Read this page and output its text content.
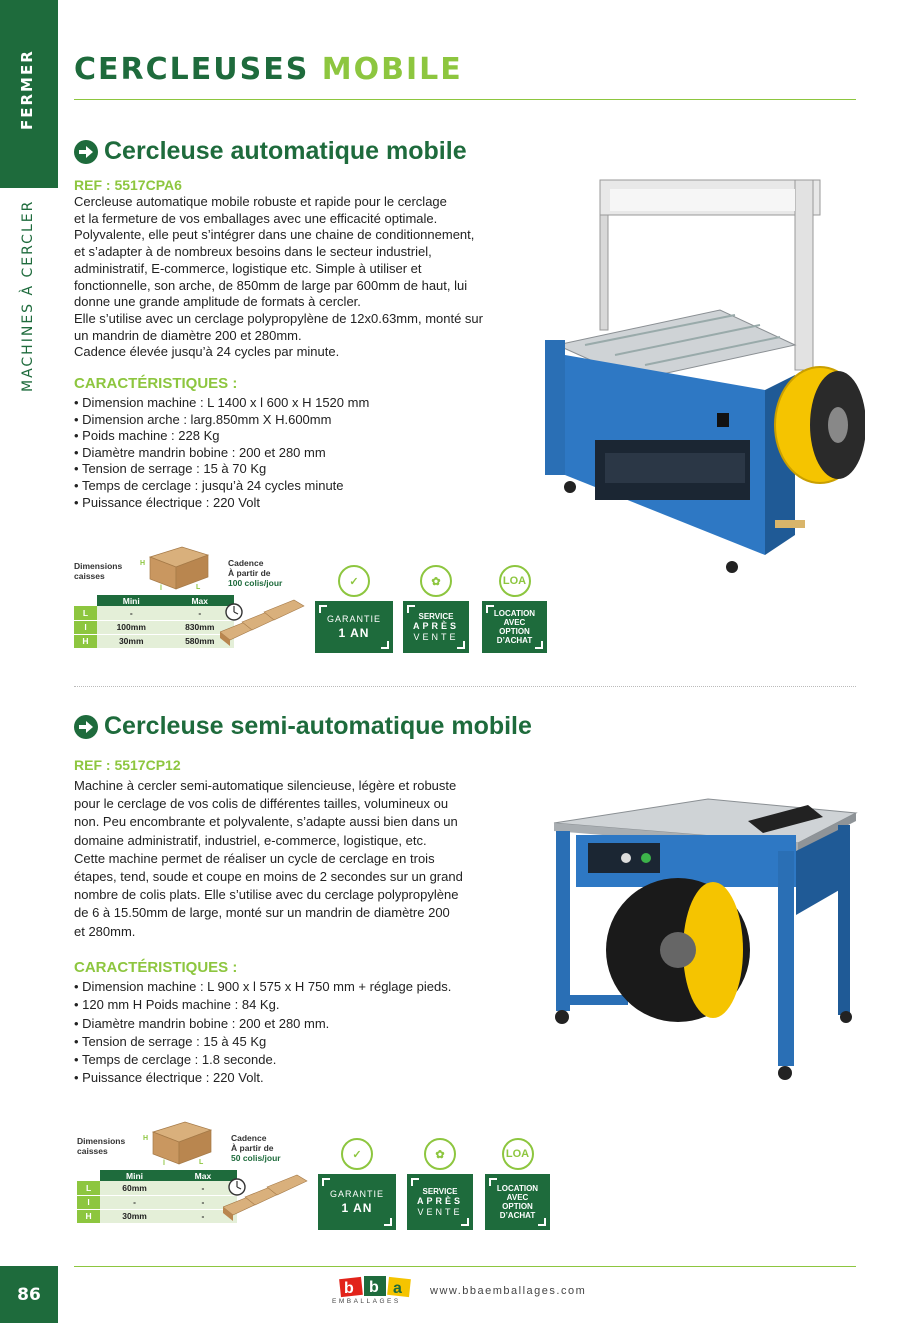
FERMER
MACHINES À CERCLER
CERCLEUSES MOBILE
Cercleuse automatique mobile
REF : 5517CPA6

Cercleuse automatique mobile robuste et rapide pour le cerclage

et la fermeture de vos emballages avec une efficacité optimale.

Polyvalente, elle peut s’intégrer dans une chaine de conditionnement,

et s’adapter à de nombreux besoins dans le secteur industriel,

administratif, E-commerce, logistique etc. Simple à utiliser et

fonctionnelle, son arche, de 850mm de large par 600mm de haut, lui

donne une grande amplitude de formats à cercler.

Elle s’utilise avec un cerclage polypropylène de 12x0.63mm, monté sur

un mandrin de diamètre 200 et 280mm.

Cadence élevée jusqu’à 24 cycles par minute.

CARACTÉRISTIQUES :
• Dimension machine : L 1400 x l 600 x H 1520 mm
• Dimension arche : larg.850mm X H.600mm
• Poids machine : 228 Kg
• Diamètre mandrin bobine : 200 et 280 mm
• Tension de serrage : 15 à 70 Kg
• Temps de cerclage : jusqu’à 24 cycles minute
• Puissance électrique : 220 Volt
Dimensions
caisses
H
l	L
	Mini	Max
L	-	-
l	100mm	830mm
H	30mm	580mm
Cadence
À partir de
100 colis/jour	✓
GARANTIE
1 AN
✿
SERVICE
APRÈS
VENTE
LOA
LOCATION
AVEC
OPTION
D’ACHAT
Cercleuse semi-automatique mobile
REF : 5517CP12

Machine à cercler semi-automatique silencieuse, légère et robuste

pour le cerclage de vos colis de différentes tailles, volumineux ou

non. Peu encombrante et polyvalente, s’adapte aussi bien dans un

domaine administratif, industriel, e-commerce, logistique, etc.

Cette machine permet de réaliser un cycle de cerclage en trois

étapes, tend, soude et coupe en moins de 2 secondes sur un grand

nombre de colis plats. Elle s’utilise avec du cerclage polypropylène

de 6 à 15.50mm de large, monté sur un mandrin de diamètre 200

et 280mm.

CARACTÉRISTIQUES :
• Dimension machine : L 900 x l 575 x H 750 mm + réglage pieds.
• 120 mm H Poids machine : 84 Kg.
• Diamètre mandrin bobine : 200 et 280 mm.
• Tension de serrage : 15 à 45 Kg
• Temps de cerclage : 1.8 seconde.
• Puissance électrique : 220 Volt.
Dimensions
caisses
H
l	L
	Mini	Max
L	60mm	-
l	-	-
H	30mm	-
Cadence
À partir de
50 colis/jour	✓
GARANTIE
1 AN
✿
SERVICE
APRÈS
VENTE
LOA
LOCATION
AVEC
OPTION
D’ACHAT
86	b b a
EMBALLAGES
www.bbaemballages.com
